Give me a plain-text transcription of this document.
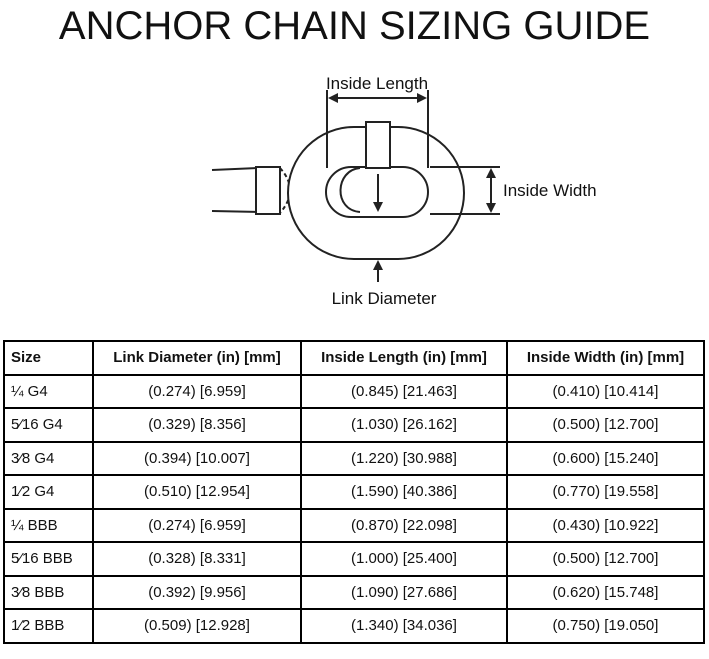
ANCHOR CHAIN SIZING GUIDE
Inside Length
Inside Width
Link Diameter
Size	Link Diameter (in) [mm]	Inside Length (in) [mm]	Inside Width (in) [mm]
¼ G4	(0.274) [6.959]	(0.845) [21.463]	(0.410) [10.414]
5⁄16 G4	(0.329) [8.356]	(1.030) [26.162]	(0.500) [12.700]
3⁄8 G4	(0.394) [10.007]	(1.220) [30.988]	(0.600) [15.240]
1⁄2 G4	(0.510) [12.954]	(1.590) [40.386]	(0.770) [19.558]
¼ BBB	(0.274) [6.959]	(0.870) [22.098]	(0.430) [10.922]
5⁄16 BBB	(0.328) [8.331]	(1.000) [25.400]	(0.500) [12.700]
3⁄8 BBB	(0.392) [9.956]	(1.090) [27.686]	(0.620) [15.748]
1⁄2 BBB	(0.509) [12.928]	(1.340) [34.036]	(0.750) [19.050]
